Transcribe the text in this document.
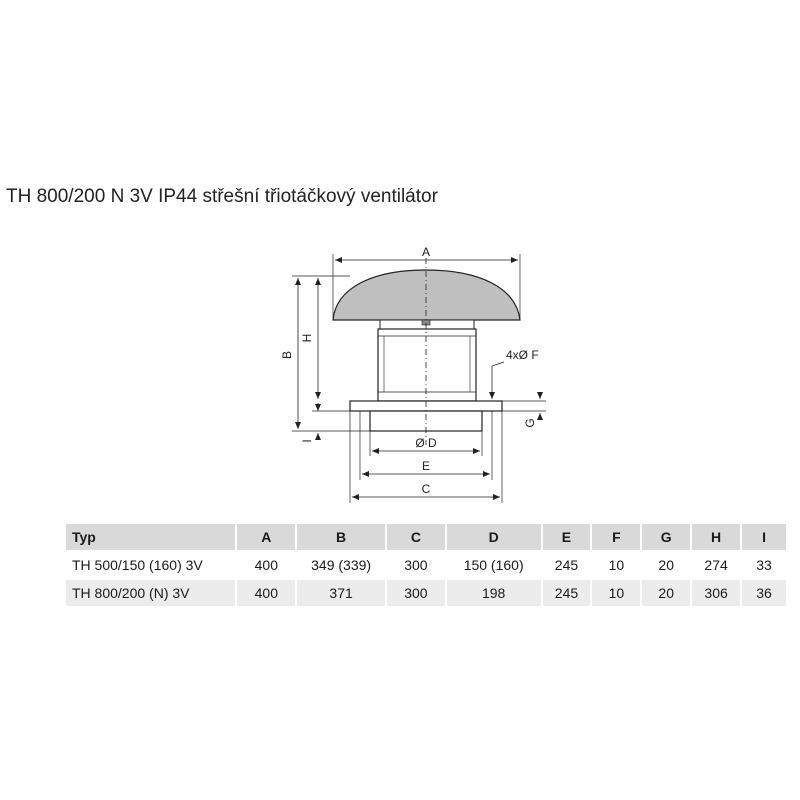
TH 800/200 N 3V IP44 střešní třiotáčkový ventilátor
A
B
H
I
G
4xØ F
Ø D
E
C
Typ	A	B	C	D	E	F	G	H	I
TH 500/150 (160) 3V	400	349 (339)	300	150 (160)	245	10	20	274	33
TH 800/200 (N) 3V	400	371	300	198	245	10	20	306	36
